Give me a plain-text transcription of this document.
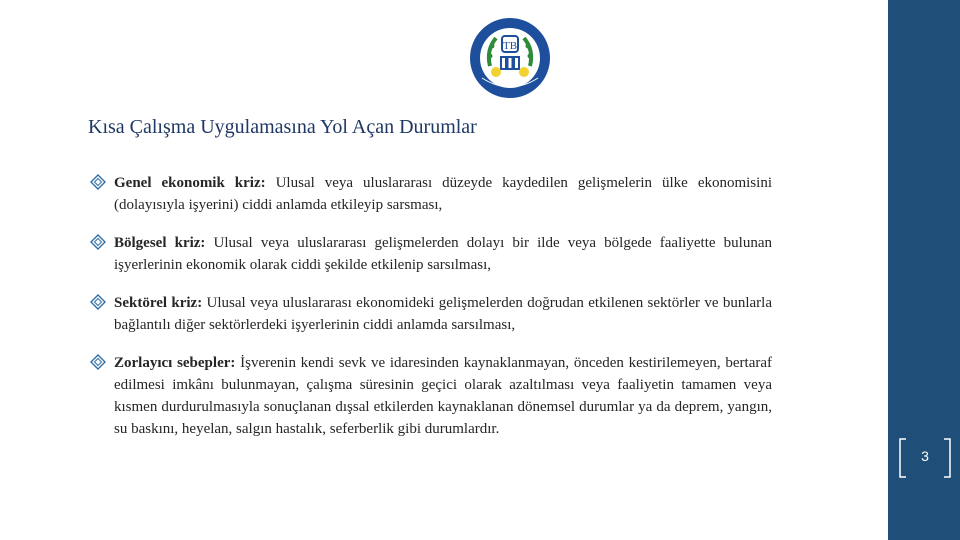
TB
Kısa Çalışma Uygulamasına Yol Açan Durumlar
Genel ekonomik kriz: Ulusal veya uluslararası düzeyde kaydedilen gelişmelerin ülke ekonomisini (dolayısıyla işyerini) ciddi anlamda etkileyip sarsması,
Bölgesel kriz: Ulusal veya uluslararası gelişmelerden dolayı bir ilde veya bölgede faaliyette bulunan işyerlerinin ekonomik olarak ciddi şekilde etkilenip sarsılması,
Sektörel kriz: Ulusal veya uluslararası ekonomideki gelişmelerden doğrudan etkilenen sektörler ve bunlarla bağlantılı diğer sektörlerdeki işyerlerinin ciddi anlamda sarsılması,
Zorlayıcı sebepler: İşverenin kendi sevk ve idaresinden kaynaklanmayan, önceden kestirilemeyen, bertaraf edilmesi imkânı bulunmayan, çalışma süresinin geçici olarak azaltılması veya faaliyetin tamamen veya kısmen durdurulmasıyla sonuçlanan dışsal etkilerden kaynaklanan dönemsel durumlar ya da deprem, yangın, su baskını, heyelan, salgın hastalık, seferberlik gibi durumlardır.
3
